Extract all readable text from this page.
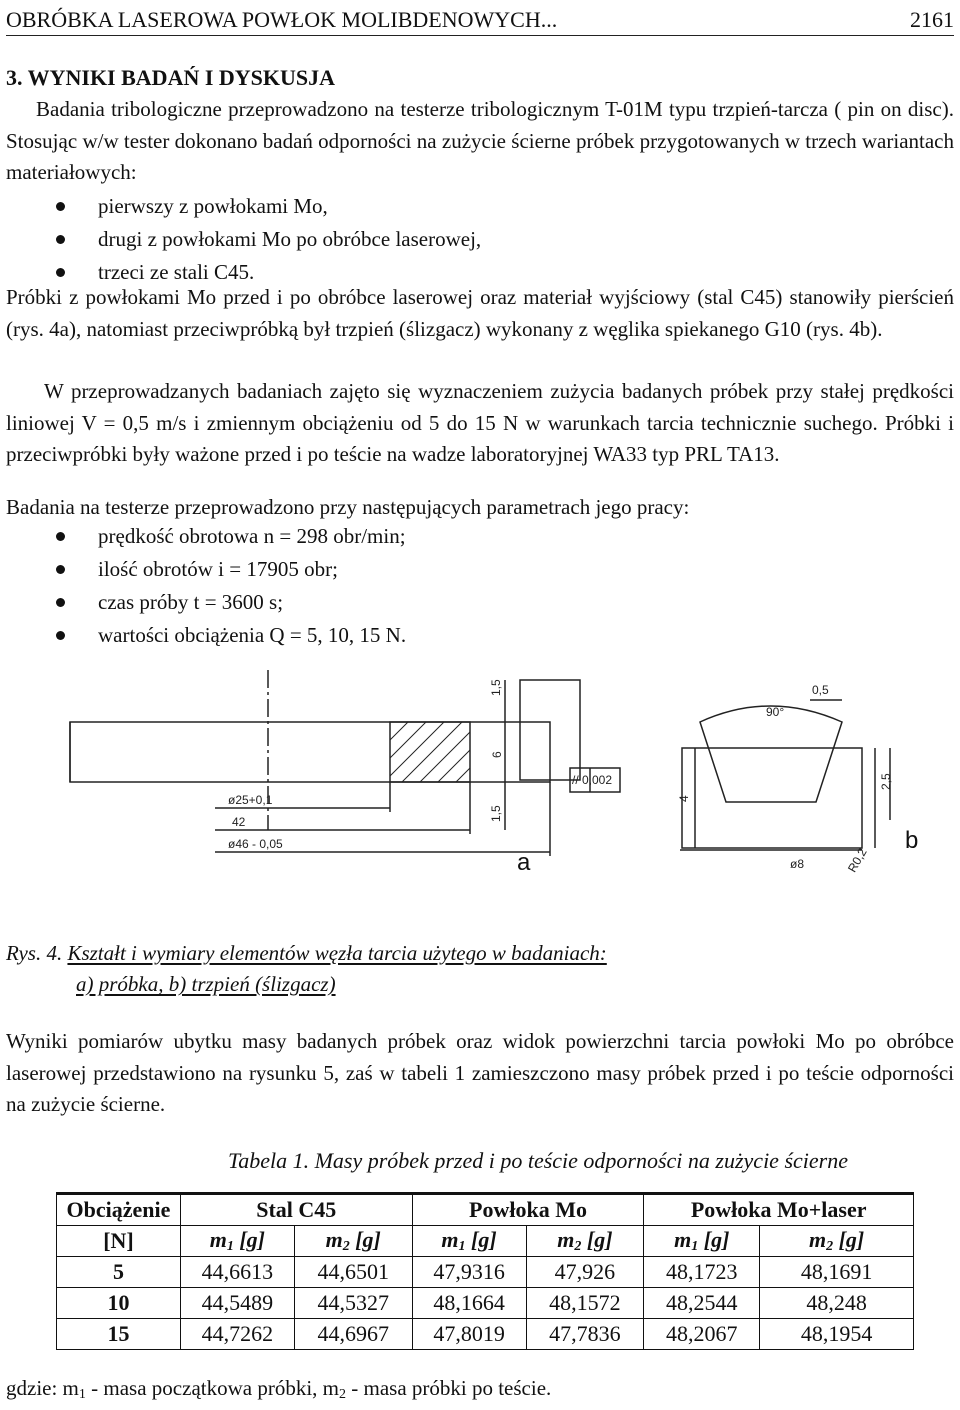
OBRÓBKA LASEROWA POWŁOK MOLIBDENOWYCH...	2161
3. WYNIKI BADAŃ I DYSKUSJA
Badania tribologiczne przeprowadzono na testerze tribologicznym T-01M typu trzpień-tarcza ( pin on disc). Stosując w/w tester dokonano badań odporności na zużycie ścierne próbek przygotowanych w trzech wariantach materiałowych:
pierwszy z powłokami Mo,
drugi z powłokami Mo po obróbce laserowej,
trzeci ze stali C45.
Próbki z powłokami Mo przed i po obróbce laserowej oraz materiał wyjściowy (stal C45) stanowiły pierścień (rys. 4a), natomiast przeciwpróbką był trzpień (ślizgacz) wykonany z węglika spiekanego G10 (rys. 4b).
W przeprowadzanych badaniach zajęto się wyznaczeniem zużycia badanych próbek przy stałej prędkości liniowej V = 0,5 m/s i zmiennym obciążeniu od 5 do 15 N w warunkach tarcia technicznie suchego. Próbki i przeciwpróbki były ważone przed i po teście na wadze laboratoryjnej WA33 typ PRL TA13.
Badania na testerze przeprowadzono przy następujących parametrach jego pracy:
prędkość obrotowa n = 298 obr/min;
ilość obrotów i = 17905 obr;
czas próby t = 3600 s;
wartości obciążenia Q = 5, 10, 15 N.
ø25+0,1
42
ø46 - 0,05
1,5
6
1,5
// 0,002
a
0,5
90°
4
2,5
ø8	R0,2
b
Rys. 4. Kształt i wymiary elementów węzła tarcia użytego w badaniach:
a) próbka, b) trzpień (ślizgacz)
Wyniki pomiarów ubytku masy badanych próbek oraz widok powierzchni tarcia powłoki Mo po obróbce laserowej przedstawiono na rysunku 5, zaś w tabeli 1 zamieszczono masy próbek przed i po teście odporności na zużycie ścierne.
Tabela 1. Masy próbek przed i po teście odporności na zużycie ścierne
Obciążenie	Stal C45		Powłoka Mo		Powłoka Mo+laser	
[N]	m1 [g]	m2 [g]	m1 [g]	m2 [g]	m1 [g]	m2 [g]
5	44,6613	44,6501	47,9316	47,926	48,1723	48,1691
10	44,5489	44,5327	48,1664	48,1572	48,2544	48,248
15	44,7262	44,6967	47,8019	47,7836	48,2067	48,1954
gdzie: m1 - masa początkowa próbki, m2 - masa próbki po teście.
